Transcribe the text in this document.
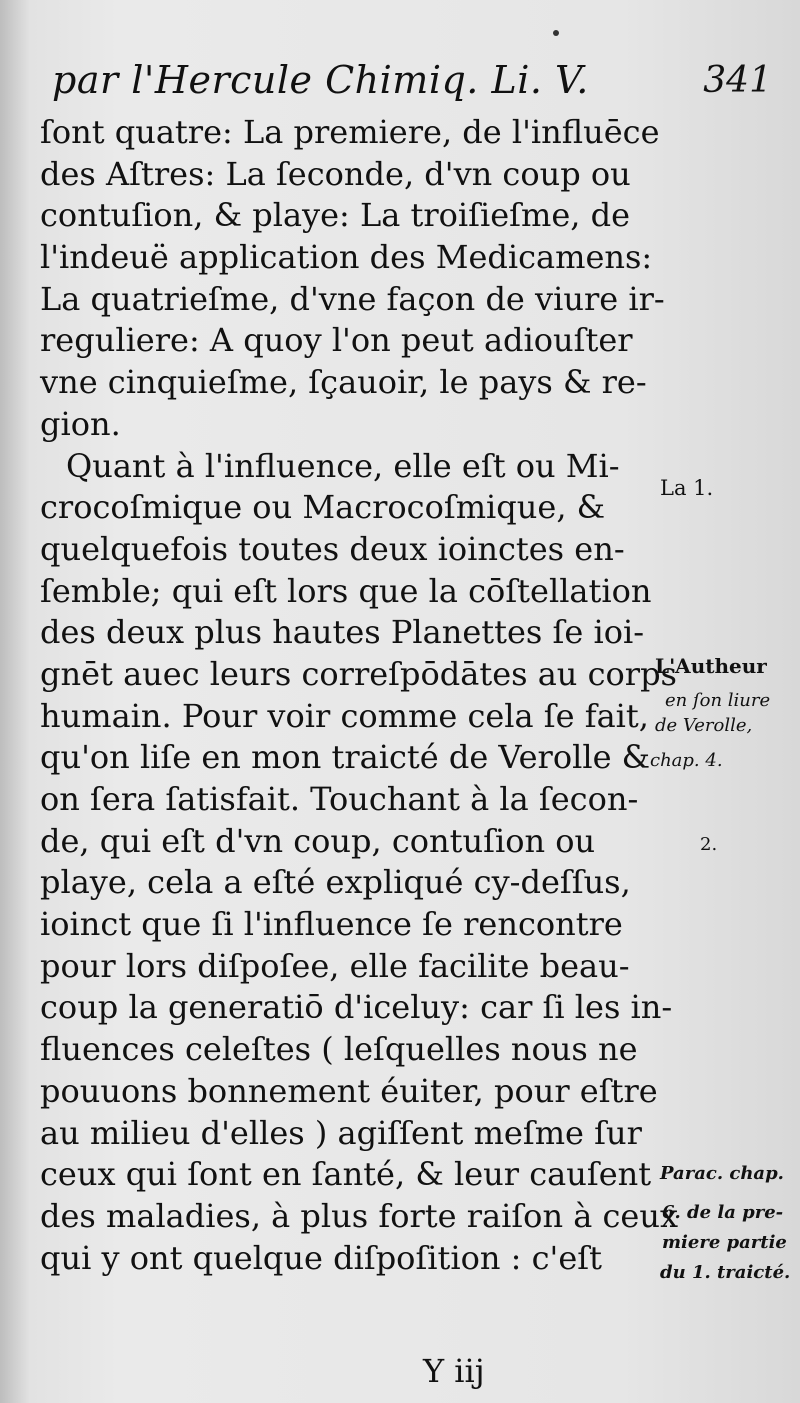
par l'Hercule Chimiq. Li. V.	341
ſont quatre: La premiere, de l'influēce
des Aſtres: La ſeconde, d'vn coup ou
contuſion, & playe: La troiſieſme, de
l'indeuë application des Medicamens:
La quatrieſme, d'vne façon de viure ir-
reguliere: A quoy l'on peut adiouſter
vne cinquieſme, ſçauoir, le pays & re-
gion.
Quant à l'influence, elle eſt ou Mi-
crocoſmique ou Macrocoſmique, &
quelquefois toutes deux ioinctes en-
ſemble; qui eſt lors que la cōſtellation
des deux plus hautes Planettes ſe ioi-
gnēt auec leurs correſpōdātes au corps
humain. Pour voir comme cela ſe fait,
qu'on liſe en mon traicté de Verolle &
on ſera ſatisfait. Touchant à la ſecon-
de, qui eſt d'vn coup, contuſion ou
playe, cela a eſté expliqué cy-deſſus,
ioinct que ſi l'influence ſe rencontre
pour lors diſpoſee, elle facilite beau-
coup la generatiō d'iceluy: car ſi les in-
fluences celeſtes ( leſquelles nous ne
pouuons bonnement éuiter, pour eſtre
au milieu d'elles ) agiſſent meſme ſur
ceux qui ſont en ſanté, & leur cauſent
des maladies, à plus forte raiſon à ceux
qui y ont quelque diſpoſition : c'eſt
La 1.
L'Autheur
en ſon liure
de Verolle,
chap. 4.
2.
Parac. chap.
6. de la pre-
miere partie
du 1. traicté.
Y iij
